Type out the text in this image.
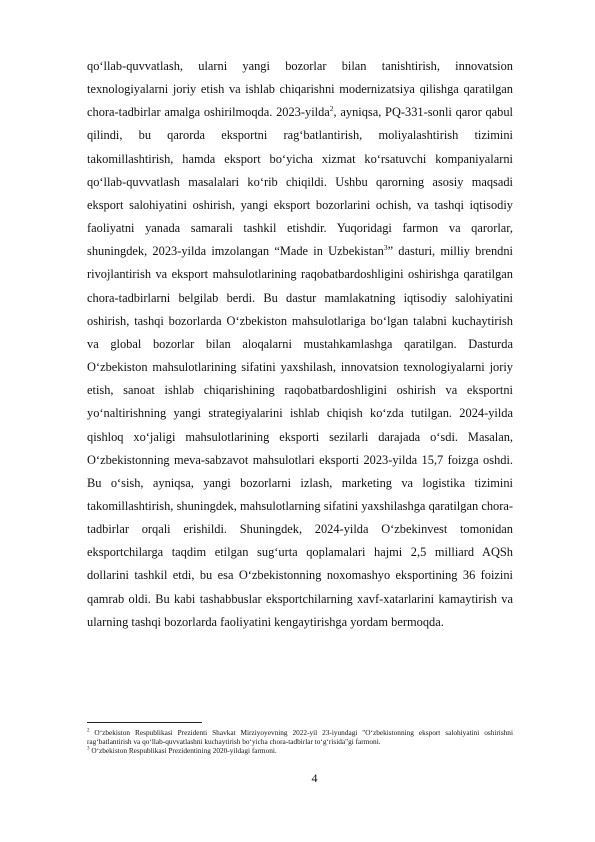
qo‘llab-quvvatlash, ularni yangi bozorlar bilan tanishtirish, innovatsion texnologiyalarni joriy etish va ishlab chiqarishni modernizatsiya qilishga qaratilgan chora-tadbirlar amalga oshirilmoqda. 2023-yilda$^2$, ayniqsa, PQ-331-sonli qaror qabul qilindi, bu qarorda eksportni rag‘batlantirish, moliyalashtirish tizimini takomillashtirish, hamda eksport bo‘yicha xizmat ko‘rsatuvchi kompaniyalarni qo‘llab-quvvatlash masalalari ko‘rib chiqildi. Ushbu qarorning asosiy maqsadi eksport salohiyatini oshirish, yangi eksport bozorlarini ochish, va tashqi iqtisodiy faoliyatni yanada samarali tashkil etishdir. Yuqoridagi farmon va qarorlar, shuningdek, 2023-yilda imzolangan “Made in Uzbekistan$^3$” dasturi, milliy brendni rivojlantirish va eksport mahsulotlarining raqobatbardoshligini oshirishga qaratilgan chora-tadbirlarni belgilab berdi. Bu dastur mamlakatning iqtisodiy salohiyatini oshirish, tashqi bozorlarda O‘zbekiston mahsulotlariga bo‘lgan talabni kuchaytirish va global bozorlar bilan aloqalarni mustahkamlashga qaratilgan. Dasturda O‘zbekiston mahsulotlarining sifatini yaxshilash, innovatsion texnologiyalarni joriy etish, sanoat ishlab chiqarishining raqobatbardoshligini oshirish va eksportni yo‘naltirishning yangi strategiyalarini ishlab chiqish ko‘zda tutilgan. 2024-yilda qishloq xo‘jaligi mahsulotlarining eksporti sezilarli darajada o‘sdi. Masalan, O‘zbekistonning meva-sabzavot mahsulotlari eksporti 2023-yilda 15,7 foizga oshdi. Bu o‘sish, ayniqsa, yangi bozorlarni izlash, marketing va logistika tizimini takomillashtirish, shuningdek, mahsulotlarning sifatini yaxshilashga qaratilgan chora-tadbirlar orqali erishildi. Shuningdek, 2024-yilda O‘zbekinvest tomonidan eksportchilarga taqdim etilgan sug‘urta qoplamalari hajmi 2,5 milliard AQSh dollarini tashkil etdi, bu esa O‘zbekistonning noxomashyo eksportining 36 foizini qamrab oldi. Bu kabi tashabbuslar eksportchilarning xavf-xatarlarini kamaytirish va ularning tashqi bozorlarda faoliyatini kengaytirishga yordam bermoqda.

$^2$ O‘zbekiston Respublikasi Prezidenti Shavkat Mirziyoyevning 2022-yil 23-iyundagi "O‘zbekistonning eksport salohiyatini oshirishni rag‘batlantirish va qo‘llab-quvvatlashni kuchaytirish bo‘yicha chora-tadbirlar to‘g‘risida"gi farmoni.

$^3$ O‘zbekiston Respublikasi Prezidentining 2020-yildagi farmoni.

4
